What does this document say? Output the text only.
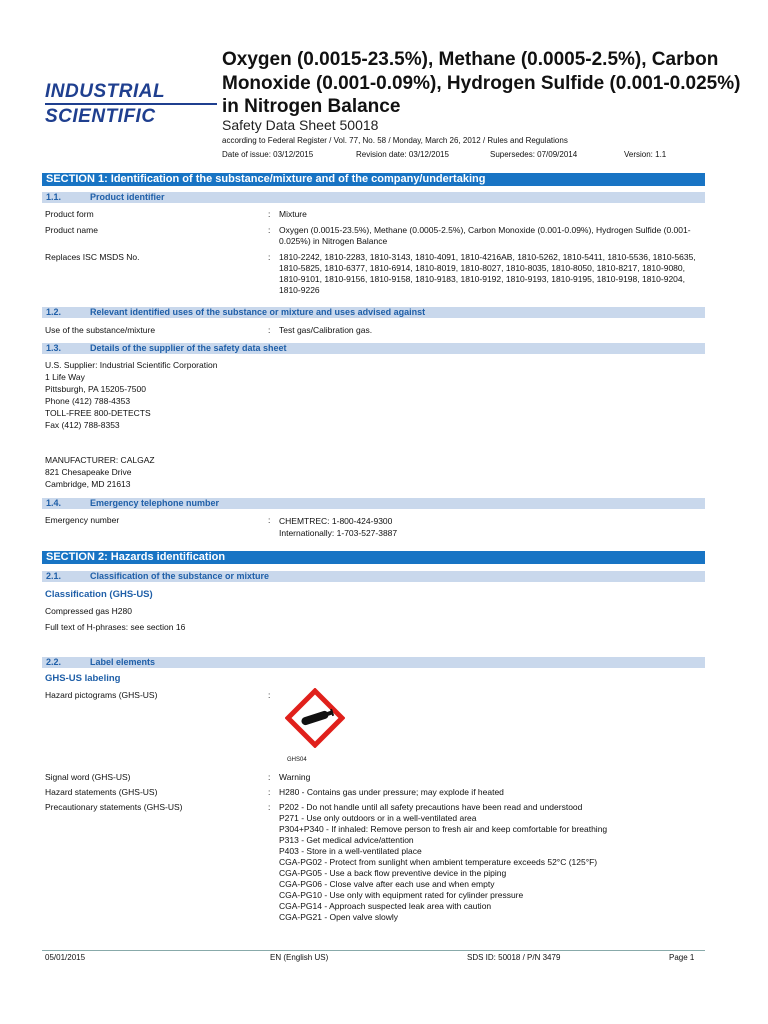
INDUSTRIAL
SCIENTIFIC
Oxygen (0.0015-23.5%), Methane (0.0005-2.5%), Carbon Monoxide (0.001-0.09%), Hydrogen Sulfide (0.001-0.025%) in Nitrogen Balance
Safety Data Sheet 50018
according to Federal Register / Vol. 77, No. 58 / Monday, March 26, 2012 / Rules and Regulations
Date of issue: 03/12/2015	Revision date: 03/12/2015	Supersedes: 07/09/2014	Version: 1.1
SECTION 1: Identification of the substance/mixture and of the company/undertaking
1.1.	Product identifier
Product form	: Mixture
Product name	: Oxygen (0.0015-23.5%), Methane (0.0005-2.5%), Carbon Monoxide (0.001-0.09%), Hydrogen Sulfide (0.001-0.025%) in Nitrogen Balance
Replaces ISC MSDS No.	: 1810-2242, 1810-2283, 1810-3143, 1810-4091, 1810-4216AB, 1810-5262, 1810-5411, 1810-5536, 1810-5635, 1810-5825, 1810-6377, 1810-6914, 1810-8019, 1810-8027, 1810-8035, 1810-8050, 1810-8217, 1810-9080, 1810-9101, 1810-9156, 1810-9158, 1810-9183, 1810-9192, 1810-9193, 1810-9195, 1810-9198, 1810-9204, 1810-9226
1.2.	Relevant identified uses of the substance or mixture and uses advised against
Use of the substance/mixture	: Test gas/Calibration gas.
1.3.	Details of the supplier of the safety data sheet
U.S. Supplier: Industrial Scientific Corporation
1 Life Way
Pittsburgh, PA 15205-7500
Phone (412) 788-4353
TOLL-FREE 800-DETECTS
Fax (412) 788-8353
MANUFACTURER: CALGAZ
821 Chesapeake Drive
Cambridge, MD 21613
1.4.	Emergency telephone number
Emergency number	: CHEMTREC: 1-800-424-9300
Internationally: 1-703-527-3887
SECTION 2: Hazards identification
2.1.	Classification of the substance or mixture
Classification (GHS-US)
Compressed gas H280
Full text of H-phrases: see section 16
2.2.	Label elements
GHS-US labeling
Hazard pictograms (GHS-US)	:
GHS04
Signal word (GHS-US)	: Warning
Hazard statements (GHS-US)	: H280 - Contains gas under pressure; may explode if heated
Precautionary statements (GHS-US)	: P202 - Do not handle until all safety precautions have been read and understood
P271 - Use only outdoors or in a well-ventilated area
P304+P340 - If inhaled: Remove person to fresh air and keep comfortable for breathing
P313 - Get medical advice/attention
P403 - Store in a well-ventilated place
CGA-PG02 - Protect from sunlight when ambient temperature exceeds 52°C (125°F)
CGA-PG05 - Use a back flow preventive device in the piping
CGA-PG06 - Close valve after each use and when empty
CGA-PG10 - Use only with equipment rated for cylinder pressure
CGA-PG14 - Approach suspected leak area with caution
CGA-PG21 - Open valve slowly
05/01/2015	EN (English US)	SDS ID: 50018 / P/N 3479	Page 1
